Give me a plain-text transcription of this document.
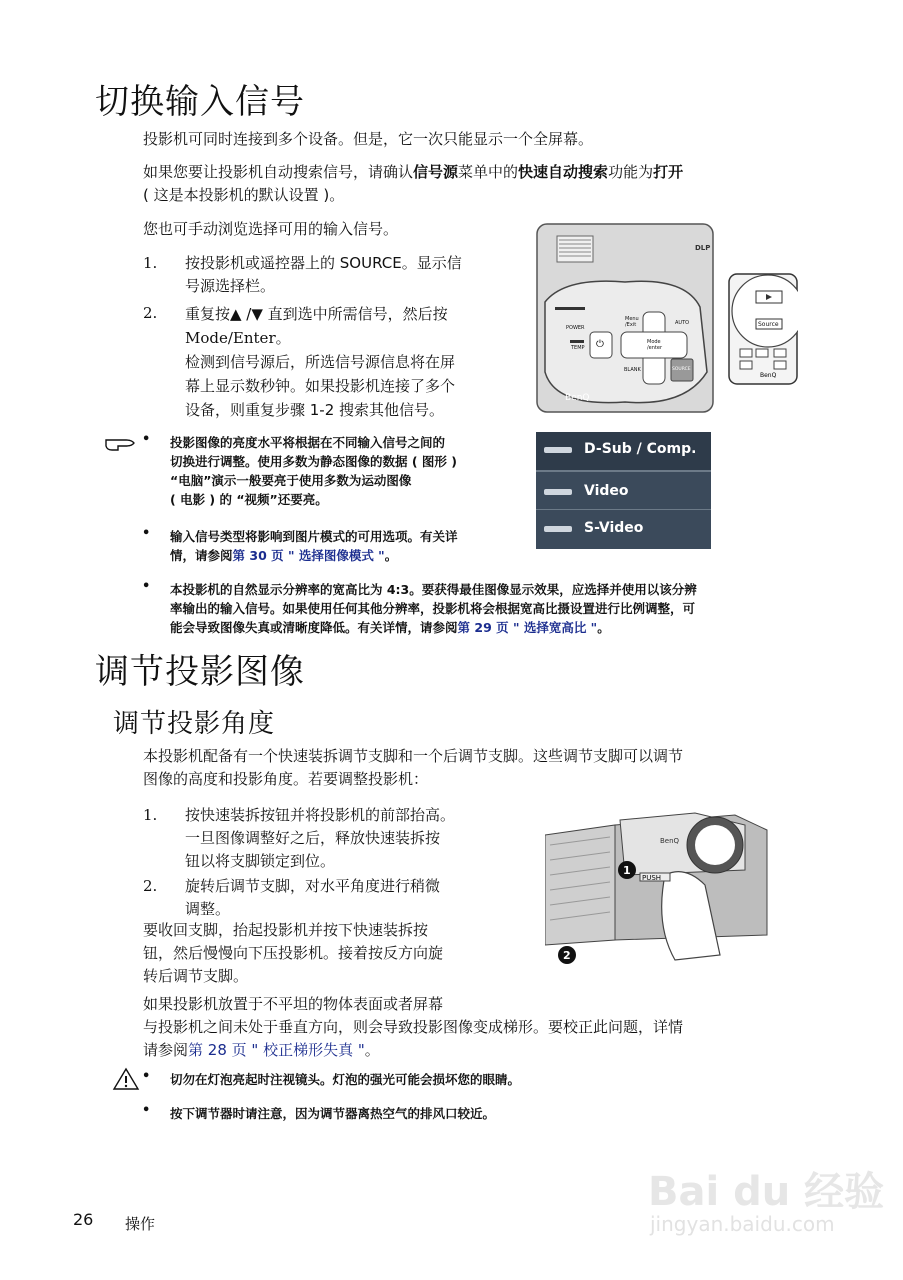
切换输入信号
投影机可同时连接到多个设备。但是，它一次只能显示一个全屏幕。
如果您要让投影机自动搜索信号，请确认信号源菜单中的快速自动搜索功能为打开
( 这是本投影机的默认设置 )。
您也可手动浏览选择可用的输入信号。
1. 按投影机或遥控器上的 SOURCE。显示信
号源选择栏。
2. 重复按▲ /▼ 直到选中所需信号，然后按
Mode/Enter。
检测到信号源后，所选信号源信息将在屏
幕上显示数秒钟。如果投影机连接了多个
设备，则重复步骤 1-2 搜索其他信号。
DLP
BenQ
POWER
TEMP ⏻
Menu
/Exit	AUTO
Mode
/enter
BLANK	SOURCE
BenQ
Source
• 投影图像的亮度水平将根据在不同输入信号之间的
切换进行调整。使用多数为静态图像的数据 ( 图形 )
“电脑”演示一般要亮于使用多数为运动图像
( 电影 ) 的 “视频”还要亮。
• 输入信号类型将影响到图片模式的可用选项。有关详
情，请参阅第 30 页 " 选择图像模式 "。
D-Sub / Comp.
Video
S-Video
• 本投影机的自然显示分辨率的宽高比为 4:3。要获得最佳图像显示效果，应选择并使用以该分辨
率输出的输入信号。如果使用任何其他分辨率，投影机将会根据宽高比摄设置进行比例调整，可
能会导致图像失真或清晰度降低。有关详情，请参阅第 29 页 " 选择宽高比 "。
调节投影图像
调节投影角度
本投影机配备有一个快速装拆调节支脚和一个后调节支脚。这些调节支脚可以调节
图像的高度和投影角度。若要调整投影机：
1. 按快速装拆按钮并将投影机的前部抬高。
一旦图像调整好之后，释放快速装拆按
钮以将支脚锁定到位。
2. 旋转后调节支脚，对水平角度进行稍微
调整。
要收回支脚，抬起投影机并按下快速装拆按
钮，然后慢慢向下压投影机。接着按反方向旋
转后调节支脚。
PUSH
1
2
BenQ
如果投影机放置于不平坦的物体表面或者屏幕
与投影机之间未处于垂直方向，则会导致投影图像变成梯形。要校正此问题，详情
请参阅第 28 页 " 校正梯形失真 "。
• 切勿在灯泡亮起时注视镜头。灯泡的强光可能会损坏您的眼睛。
• 按下调节器时请注意，因为调节器离热空气的排风口较近。
26 操作
Bai du 经验
jingyan.baidu.com
